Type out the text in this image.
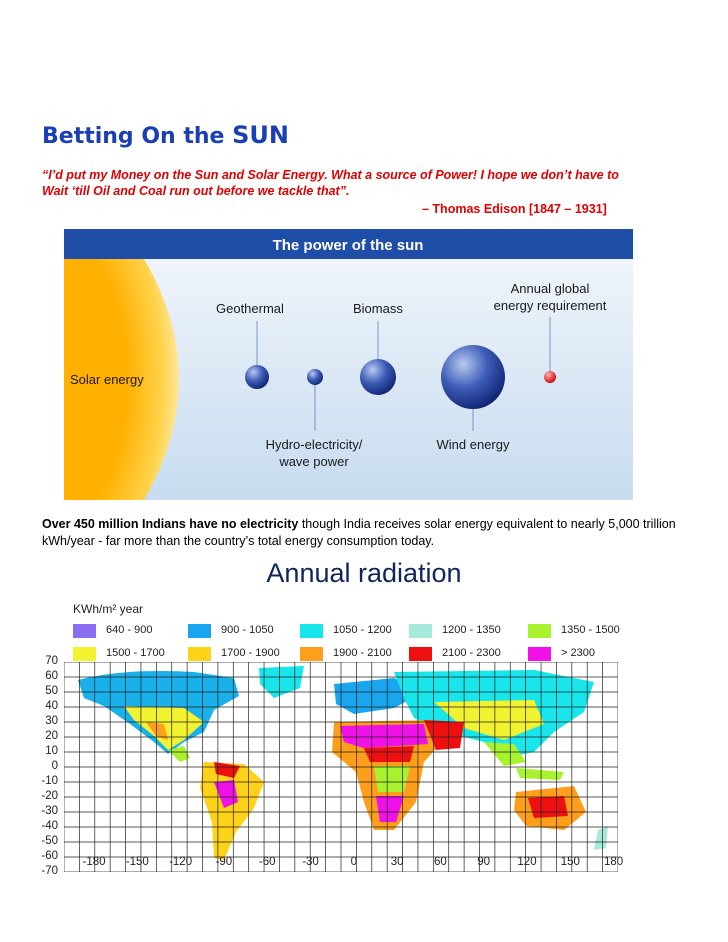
Betting On the SUN
“I’d put my Money on the Sun and Solar Energy. What a source of Power! I hope we don’t have to
Wait ‘till Oil and Coal run out before we tackle that”.
– Thomas Edison [1847 – 1931]
The power of the sun
Solar energy
Geothermal	Biomass
Annual global
energy requirement
Hydro-electricity/
wave power
Wind energy
Over 450 million Indians have no electricity though India receives solar energy equivalent to nearly 5,000 trillion kWh/year - far more than the country’s total energy consumption today.
Annual radiation
KWh/m² year
640 - 900	900 - 1050	1050 - 1200	1200 - 1350	1350 - 1500
1500 - 1700	1700 - 1900	1900 - 2100	2100 - 2300	> 2300
70
60
50
40
30
20
10
0
-10
-20
-30
-40
-50
-60
-70
-180 -150 -120 -90 -60 -30	0	30	60	90 120 150 180
